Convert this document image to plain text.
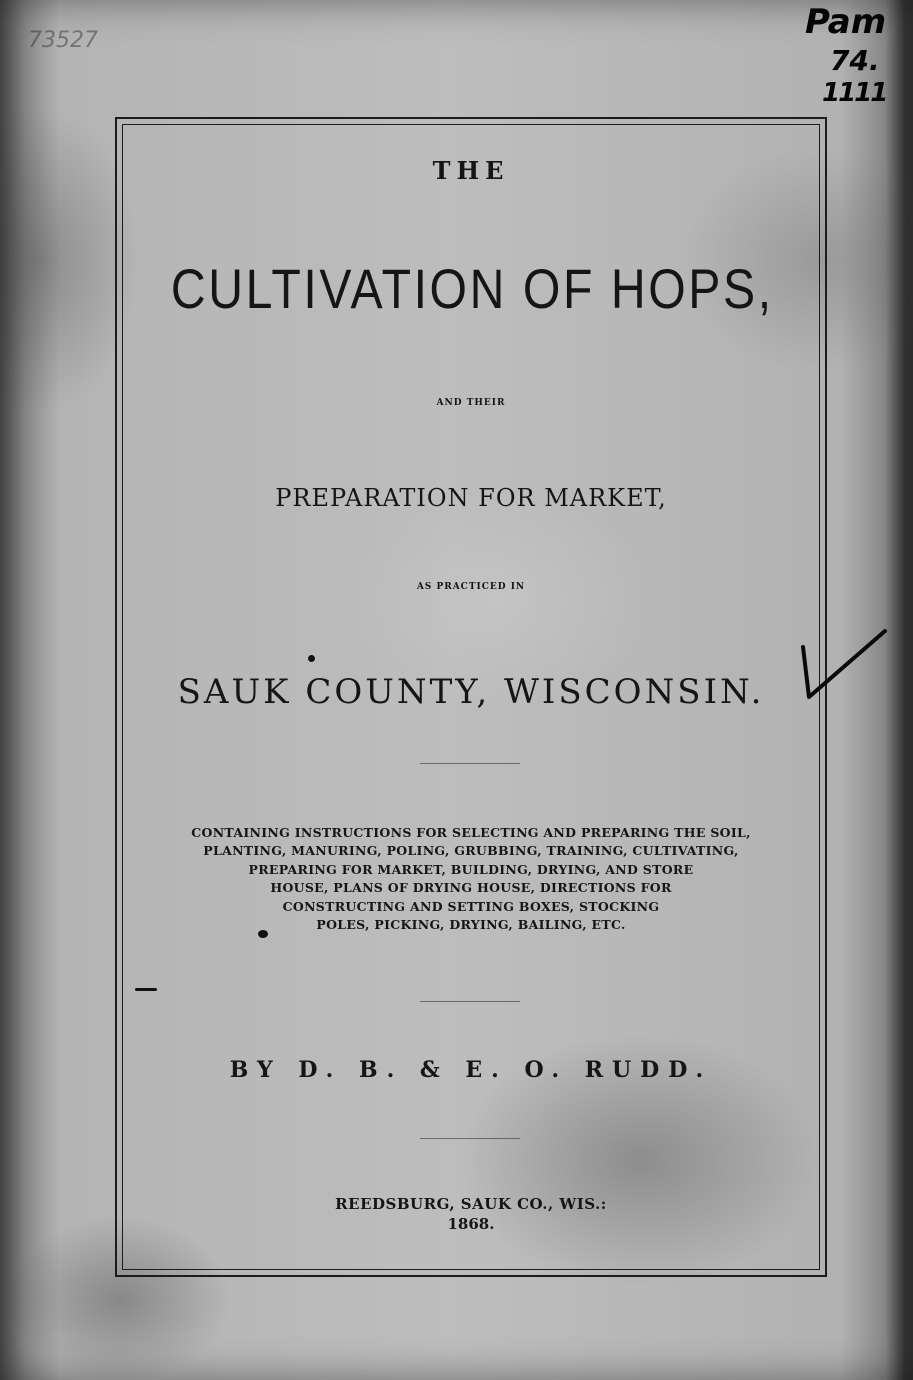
73527	Pam
74.
1111
THE
CULTIVATION OF HOPS,
AND THEIR
PREPARATION FOR MARKET,
AS PRACTICED IN
SAUK COUNTY, WISCONSIN.
CONTAINING INSTRUCTIONS FOR SELECTING AND PREPARING THE SOIL,
PLANTING, MANURING, POLING, GRUBBING, TRAINING, CULTIVATING,
PREPARING FOR MARKET, BUILDING, DRYING, AND STORE
HOUSE, PLANS OF DRYING HOUSE, DIRECTIONS FOR
CONSTRUCTING AND SETTING BOXES, STOCKING
POLES, PICKING, DRYING, BAILING, ETC.
BY D. B. & E. O. RUDD.
REEDSBURG, SAUK CO., WIS.:
1868.
